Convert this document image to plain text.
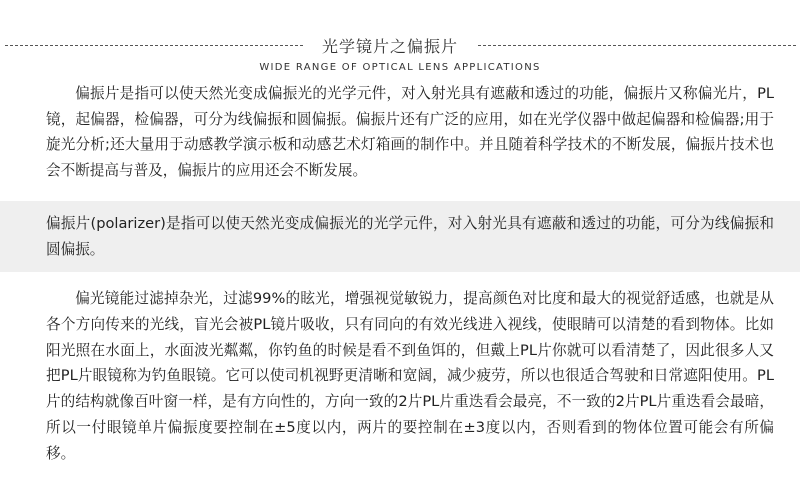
光学镜片之偏振片
WIDE RANGE OF OPTICAL LENS APPLICATIONS

偏振片是指可以使天然光变成偏振光的光学元件，对入射光具有遮蔽和透过的功能，偏振片又称偏光片，PL镜，起偏器，检偏器，可分为线偏振和圆偏振。偏振片还有广泛的应用，如在光学仪器中做起偏器和检偏器;用于旋光分析;还大量用于动感教学演示板和动感艺术灯箱画的制作中。并且随着科学技术的不断发展，偏振片技术也会不断提高与普及，偏振片的应用还会不断发展。

偏振片(polarizer)是指可以使天然光变成偏振光的光学元件，对入射光具有遮蔽和透过的功能，可分为线偏振和圆偏振。

偏光镜能过滤掉杂光，过滤99%的眩光，增强视觉敏锐力，提高颜色对比度和最大的视觉舒适感，也就是从各个方向传来的光线，盲光会被PL镜片吸收，只有同向的有效光线进入视线，使眼睛可以清楚的看到物体。比如阳光照在水面上，水面波光粼粼，你钓鱼的时候是看不到鱼饵的，但戴上PL片你就可以看清楚了，因此很多人又把PL片眼镜称为钓鱼眼镜。它可以使司机视野更清晰和宽阔，减少疲劳，所以也很适合驾驶和日常遮阳使用。PL片的结构就像百叶窗一样，是有方向性的，方向一致的2片PL片重迭看会最亮，不一致的2片PL片重迭看会最暗，所以一付眼镜单片偏振度要控制在±5度以内，两片的要控制在±3度以内，否则看到的物体位置可能会有所偏移。
